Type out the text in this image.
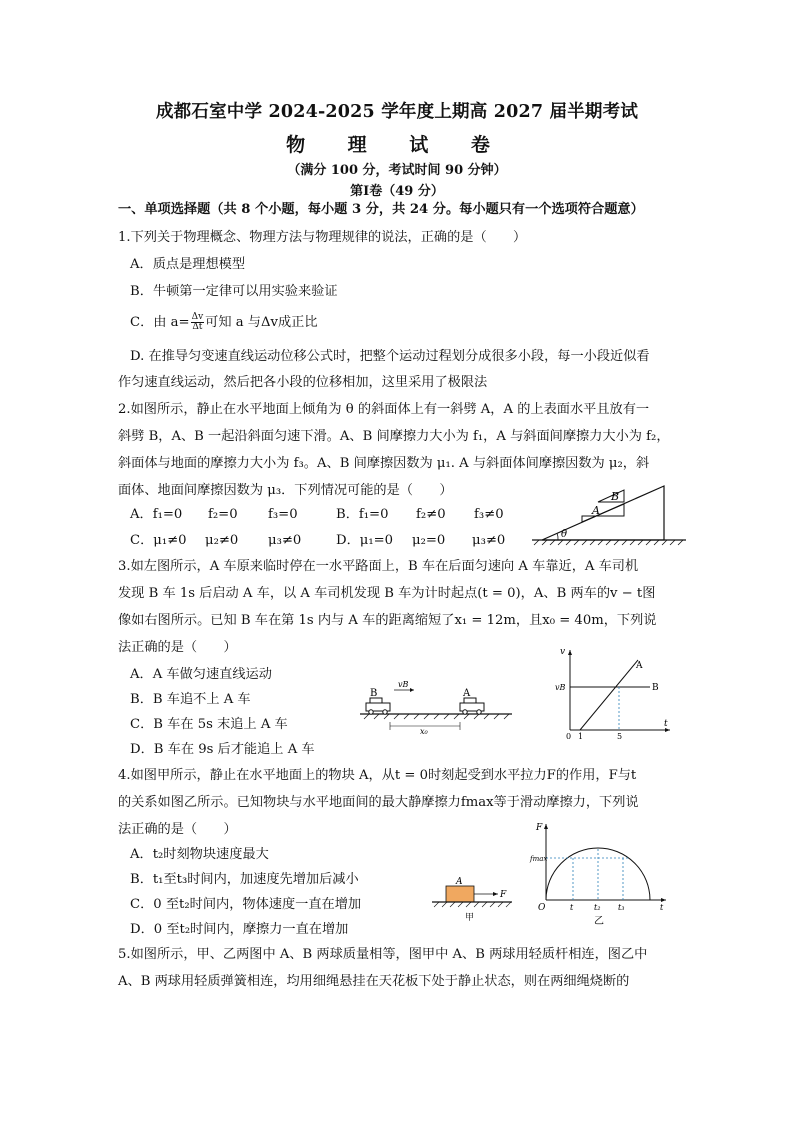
成都石室中学 2024-2025 学年度上期高 2027 届半期考试
物 理 试 卷
（满分 100 分，考试时间 90 分钟）
第Ⅰ卷（49 分）
一、单项选择题（共 8 个小题，每小题 3 分，共 24 分。每小题只有一个选项符合题意）
1.下列关于物理概念、物理方法与物理规律的说法，正确的是（　　）
A．质点是理想模型
B．牛顿第一定律可以用实验来验证
C．由 $a= \frac{\Delta v}{\Delta t}$ 可知 a 与Δv成正比
D. 在推导匀变速直线运动位移公式时，把整个运动过程划分成很多小段，每一小段近似看
作匀速直线运动，然后把各小段的位移相加，这里采用了极限法
2.如图所示，静止在水平地面上倾角为 θ 的斜面体上有一斜劈 A，A 的上表面水平且放有一
斜劈 B，A、B 一起沿斜面匀速下滑。A、B 间摩擦力大小为 f₁，A 与斜面间摩擦力大小为 f₂，
斜面体与地面的摩擦力大小为 f₃。A、B 间摩擦因数为 μ₁. A 与斜面体间摩擦因数为 μ₂，斜
面体、地面间摩擦因数为 μ₃．下列情况可能的是（　　）
A．f₁=0 f₂=0 f₃=0	B．f₁=0 f₂≠0 f₃≠0
C．μ₁≠0 μ₂≠0 μ₃≠0	D．μ₁=0 μ₂=0 μ₃≠0
A
B
θ
3.如左图所示，A 车原来临时停在一水平路面上，B 车在后面匀速向 A 车靠近，A 车司机
发现 B 车 1s 后启动 A 车，以 A 车司机发现 B 车为计时起点(t = 0)，A、B 两车的v − t图
像如右图所示。已知 B 车在第 1s 内与 A 车的距离缩短了x₁ = 12m，且x₀ = 40m，下列说
法正确的是（　　）
A．A 车做匀速直线运动
B．B 车追不上 A 车
C．B 车在 5s 末追上 A 车
D．B 车在 9s 后才能追上 A 车
B
vB
A
x₀
v
t
vB
A
B
0 1	5
4.如图甲所示，静止在水平地面上的物块 A，从t = 0时刻起受到水平拉力F的作用，F与t
的关系如图乙所示。已知物块与水平地面间的最大静摩擦力fmax等于滑动摩擦力，下列说
法正确的是（　　）
A．t₂时刻物块速度最大
B．t₁至t₃时间内，加速度先增加后减小
C．0 至t₂时间内，物体速度一直在增加
D．0 至t₂时间内，摩擦力一直在增加
A
F
甲
F
fmax
O	t	t₂ t₃	t
乙
5.如图所示，甲、乙两图中 A、B 两球质量相等，图甲中 A、B 两球用轻质杆相连，图乙中
A、B 两球用轻质弹簧相连，均用细绳悬挂在天花板下处于静止状态，则在两细绳烧断的
